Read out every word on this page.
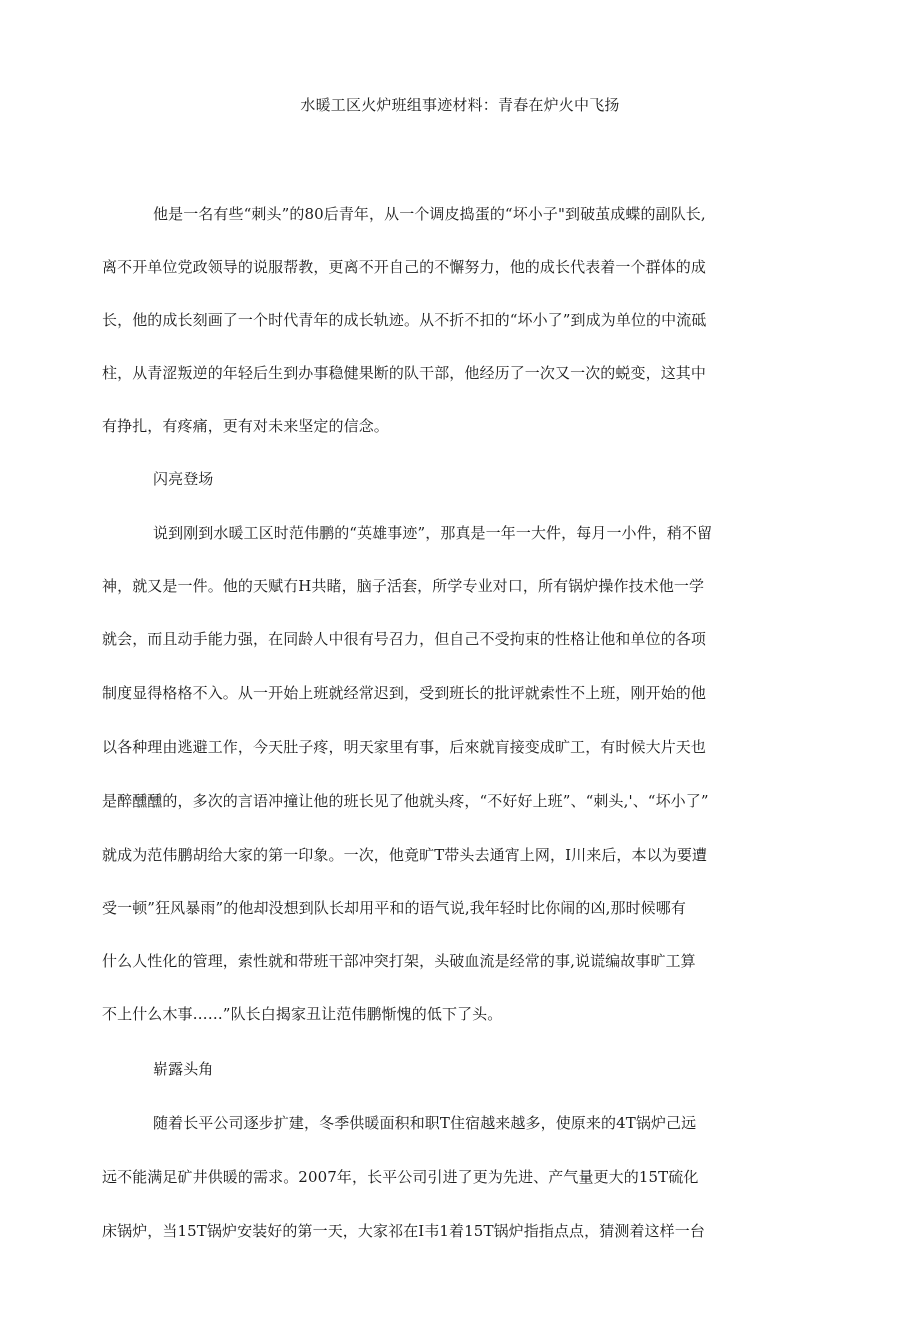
水暖工区火炉班组事迹材料：青春在炉火中飞扬
他是一名有些“刺头”的80后青年，从一个调皮捣蛋的“坏小子"到破茧成蝶的副队长,
离不开单位党政领导的说服帮教，更离不开自己的不懈努力，他的成长代表着一个群体的成
长，他的成长刻画了一个时代青年的成长轨迹。从不折不扣的“坏小了”到成为单位的中流砥
柱，从青涩叛逆的年轻后生到办事稳健果断的队干部，他经历了一次又一次的蜕变，这其中
有挣扎，有疼痛，更有对未来坚定的信念。
闪亮登场
说到刚到水暖工区时范伟鹏的“英雄事迹”，那真是一年一大件，每月一小件，稍不留
神，就又是一件。他的天赋冇H共睹，脑子活套，所学专业对口，所有锅炉操作技术他一学
就会，而且动手能力强，在同龄人中很有号召力，但自己不受拘束的性格让他和单位的各项
制度显得格格不入。从一开始上班就经常迟到，受到班长的批评就索性不上班，刚开始的他
以各种理由逃避工作，今天肚子疼，明天家里有事，后來就肓接变成旷工，有时候大片天也
是醉醺醺的，多次的言语冲撞让他的班长见了他就头疼，“不好好上班”、“刺头,'、“坏小了”
就成为范伟鹏胡给大家的第一印象。一次，他竟旷T带头去通宵上网，I川来后，本以为要遭
受一顿”狂风暴雨”的他却没想到队长却用平和的语气说,我年轻时比你闹的凶,那时候哪有
什么人性化的管理，索性就和带班干部冲突打架，头破血流是经常的事,说谎编故事旷工算
不上什么木事……”队长白揭家丑让范伟鹏惭愧的低下了头。
崭露头角
随着长平公司逐步扩建，冬季供暖面积和职T住宿越来越多，使原来的4T锅炉己远
远不能满足矿井供暖的需求。2007年，长平公司引进了更为先进、产气量更大的15T硫化
床锅炉，当15T锅炉安装好的第一天，大家祁在I韦1着15T锅炉指指点点，猜测着这样一台
